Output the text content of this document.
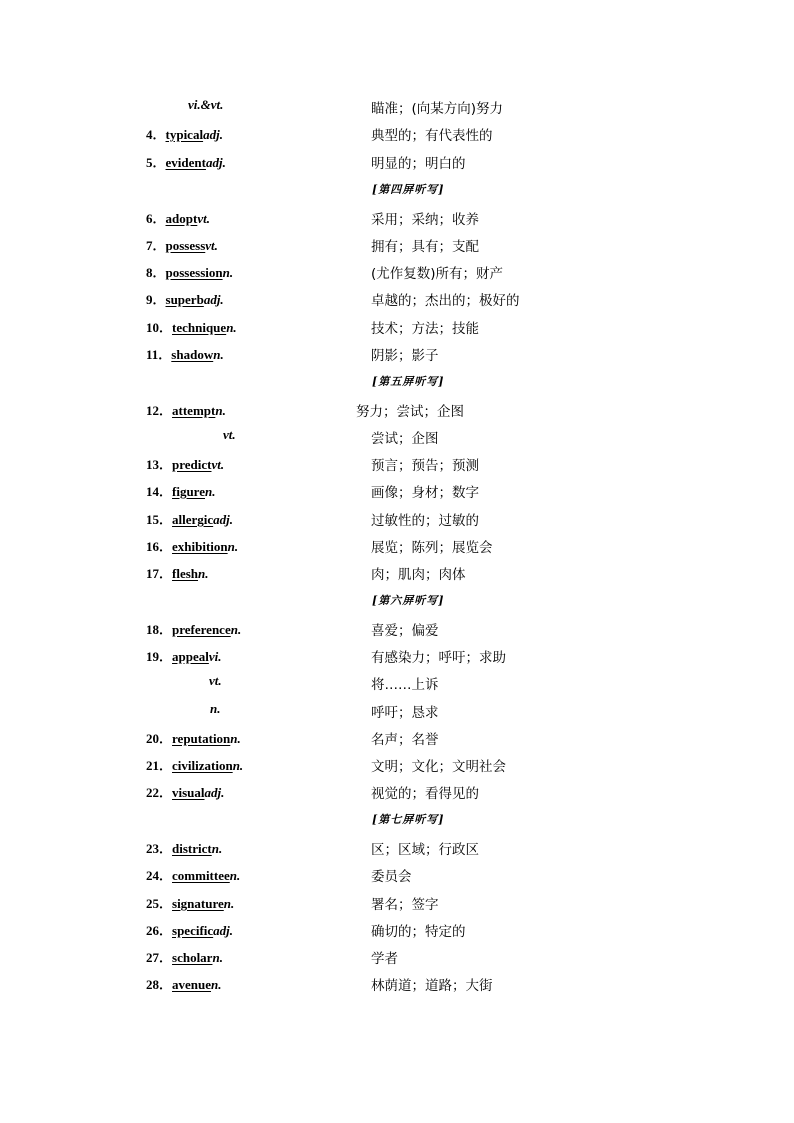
vi.&vt.	瞄准；(向某方向)努力
4．typicaladj.	典型的；有代表性的
5．evidentadj.	明显的；明白的
[第四屏听写]
6．adoptvt.	采用；采纳；收养
7．possessvt.	拥有；具有；支配
8．possessionn.	(尤作复数)所有；财产
9．superbadj.	卓越的；杰出的；极好的
10．techniquen.	技术；方法；技能
11．shadown.	阴影；影子
[第五屏听写]
12．attemptn.	努力；尝试；企图
vt.	尝试；企图
13．predictvt.	预言；预告；预测
14．figuren.	画像；身材；数字
15．allergicadj.	过敏性的；过敏的
16．exhibitionn.	展览；陈列；展览会
17．fleshn.	肉；肌肉；肉体
[第六屏听写]
18．preferencen.	喜爱；偏爱
19．appealvi.	有感染力；呼吁；求助
vt.	将……上诉
n.	呼吁；恳求
20．reputationn.	名声；名誉
21．civilizationn.	文明；文化；文明社会
22．visualadj.	视觉的；看得见的
[第七屏听写]
23．districtn.	区；区域；行政区
24．committeen.	委员会
25．signaturen.	署名；签字
26．specificadj.	确切的；特定的
27．scholarn.	学者
28．avenuen.	林荫道；道路；大街
